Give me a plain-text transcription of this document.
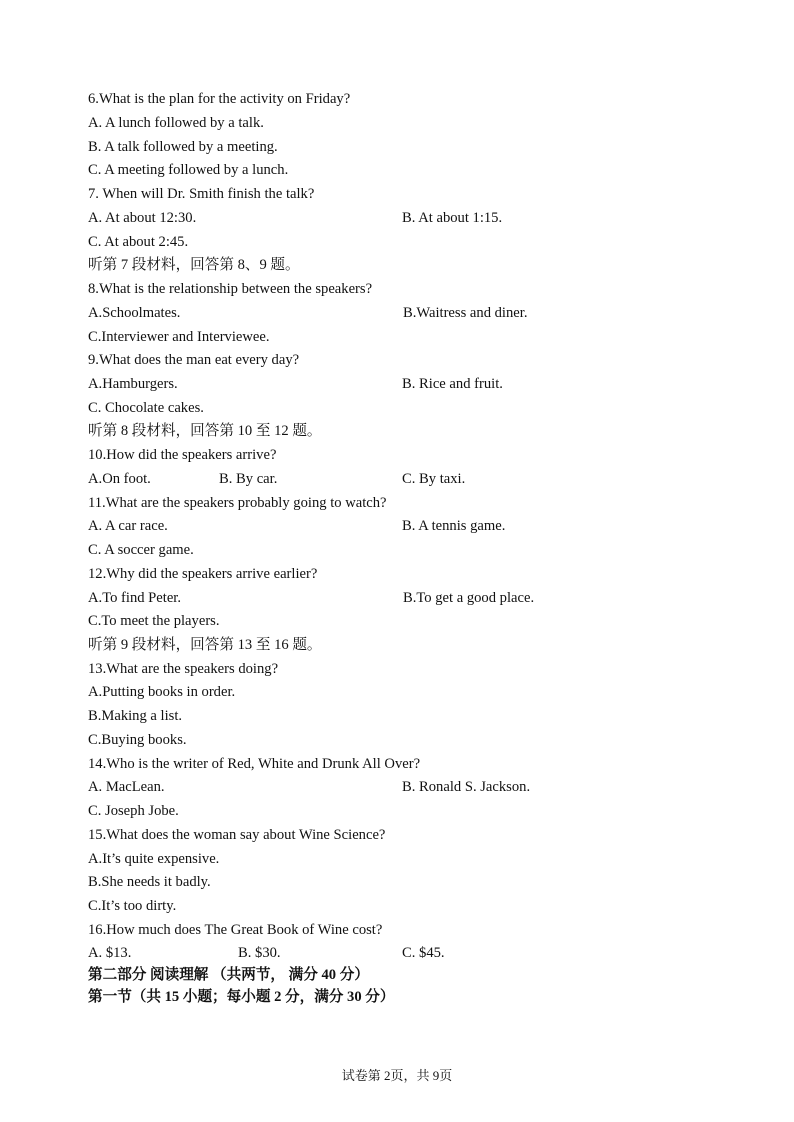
6.What is the plan for the activity on Friday?
A. A lunch followed by a talk.
B. A talk followed by a meeting.
C. A meeting followed by a lunch.
7. When will Dr. Smith finish the talk?
A. At about 12:30.	B. At about 1:15.
C. At about 2:45.
听第 7 段材料，回答第 8、9 题。
8.What is the relationship between the speakers?
A.Schoolmates.	B.Waitress and diner.
C.Interviewer and Interviewee.
9.What does the man eat every day?
A.Hamburgers.	B. Rice and fruit.
C. Chocolate cakes.
听第 8 段材料，回答第 10 至 12 题。
10.How did the speakers arrive?
A.On foot.	B. By car.	C. By taxi.
11.What are the speakers probably going to watch?
A. A car race.	B. A tennis game.
C. A soccer game.
12.Why did the speakers arrive earlier?
A.To find Peter.	B.To get a good place.
C.To meet the players.
听第 9 段材料，回答第 13 至 16 题。
13.What are the speakers doing?
A.Putting books in order.
B.Making a list.
C.Buying books.
14.Who is the writer of Red, White and Drunk All Over?
A. MacLean.	B. Ronald S. Jackson.
C. Joseph Jobe.
15.What does the woman say about Wine Science?
A.It’s quite expensive.
B.She needs it badly.
C.It’s too dirty.
16.How much does The Great Book of Wine cost?
A. $13.	B. $30.	C. $45.
第二部分 阅读理解 （共两节， 满分 40 分）
第一节（共 15 小题；每小题 2 分，满分 30 分）
试卷第 2页，共 9页
